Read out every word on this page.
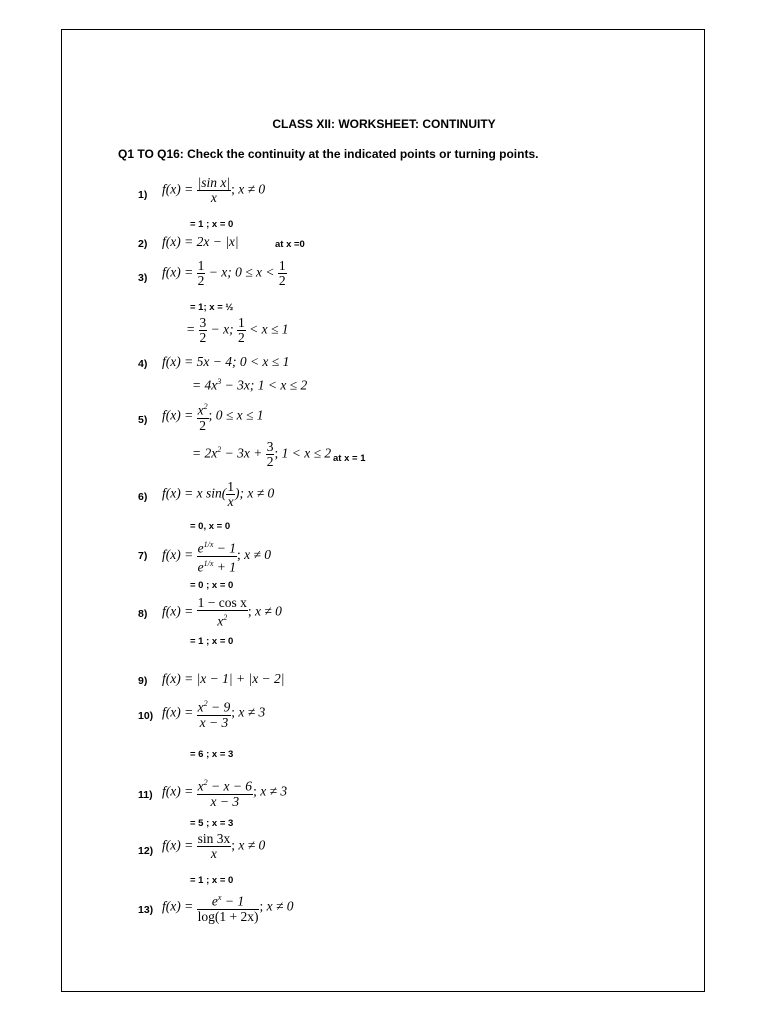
CLASS XII: WORKSHEET: CONTINUITY
Q1 TO Q16: Check the continuity at the indicated points or turning points.
1) $f(x) = \frac{\text{|sin x|}}{x}$ ; x ≠ 0
= 1 ; x = 0
2) f(x) = 2x − |x|	at x =0
3) $f(x) = \frac{1}{2} - x$; $0 \le x < \frac{1}{2}$
= 1; x = ½
= $\frac{3}{2} - x$; $\frac{1}{2} < x \le 1$
4) f(x) = 5x − 4; 0 < x ≤ 1
= $4x^3 - 3x$; 1 < x ≤ 2
5) $f(x) = \frac{x^2}{2}$ ; 0 ≤ x ≤ 1
= $2x^2 - 3x + \frac{3}{2}$ ; 1 < x ≤ 2 at x = 1
6) f(x) = x $\sin( \frac{1}{x}$ ); x ≠ 0
= 0, x = 0
7) $f(x) = \frac{e^{1/x} - 1}{e^{1/x} + 1}$ ; x ≠ 0
= 0 ; x = 0
8) $f(x) = \frac{\text{1 − cos x}}{x^2}$ ; x ≠ 0
= 1 ; x = 0
9) f(x) = |x − 1| + |x − 2|
10) $f(x) = \frac{x^2 - 9}{x - 3}$ ; x ≠ 3
= 6 ; x = 3
11) $f(x) = \frac{x^2 - x - 6}{x - 3}$ ; x ≠ 3
= 5 ; x = 3
12) $f(x) = \frac{\sin 3x}{x}$ ; x ≠ 0
= 1 ; x = 0
13) $f(x) = \frac{e^x - 1}{\log(1 + 2x)}$ ; x ≠ 0
